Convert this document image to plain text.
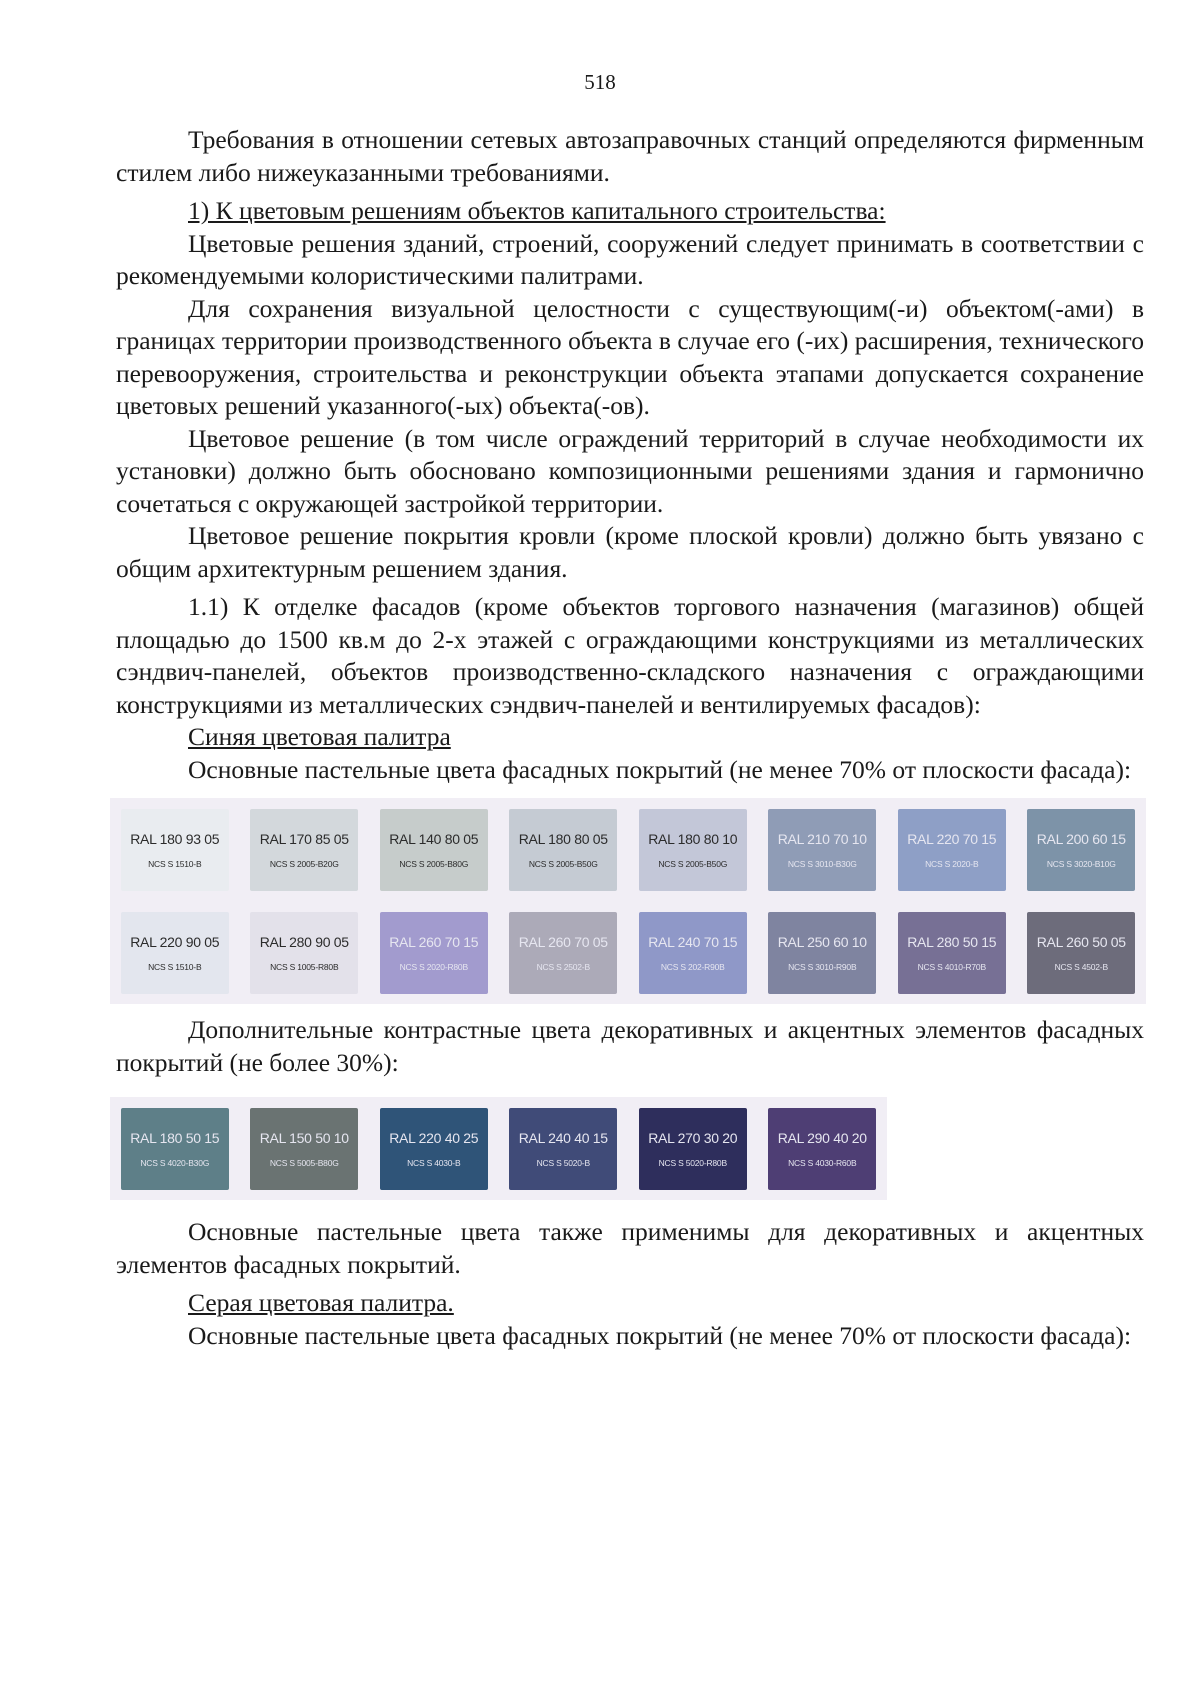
518

Требования в отношении сетевых автозаправочных станций определяются фирменным стилем либо нижеуказанными требованиями.

1) К цветовым решениям объектов капитального строительства:

Цветовые решения зданий, строений, сооружений следует принимать в соответствии с рекомендуемыми колористическими палитрами.

Для сохранения визуальной целостности с существующим(-и) объектом(-ами) в границах территории производственного объекта в случае его (-их) расширения, технического перевооружения, строительства и реконструкции объекта этапами допускается сохранение цветовых решений указанного(-ых) объекта(-ов).

Цветовое решение (в том числе ограждений территорий в случае необходимости их установки) должно быть обосновано композиционными решениями здания и гармонично сочетаться с окружающей застройкой территории.

Цветовое решение покрытия кровли (кроме плоской кровли) должно быть увязано с общим архитектурным решением здания.

1.1) К отделке фасадов (кроме объектов торгового назначения (магазинов) общей площадью до 1500 кв.м до 2-х этажей с ограждающими конструкциями из металлических сэндвич-панелей, объектов производственно-складского назначения с ограждающими конструкциями из металлических сэндвич-панелей и вентилируемых фасадов):

Синяя цветовая палитра

Основные пастельные цвета фасадных покрытий (не менее 70% от плоскости фасада):

RAL 180 93 05
NCS S 1510-B
RAL 170 85 05
NCS S 2005-B20G
RAL 140 80 05
NCS S 2005-B80G
RAL 180 80 05
NCS S 2005-B50G
RAL 180 80 10
NCS S 2005-B50G
RAL 210 70 10
NCS S 3010-B30G
RAL 220 70 15
NCS S 2020-B
RAL 200 60 15
NCS S 3020-B10G
RAL 220 90 05
NCS S 1510-B
RAL 280 90 05
NCS S 1005-R80B
RAL 260 70 15
NCS S 2020-R80B
RAL 260 70 05
NCS S 2502-B
RAL 240 70 15
NCS S 202-R90B
RAL 250 60 10
NCS S 3010-R90B
RAL 280 50 15
NCS S 4010-R70B
RAL 260 50 05
NCS S 4502-B

Дополнительные контрастные цвета декоративных и акцентных элементов фасадных покрытий (не более 30%):

RAL 180 50 15
NCS S 4020-B30G
RAL 150 50 10
NCS S 5005-B80G
RAL 220 40 25
NCS S 4030-B
RAL 240 40 15
NCS S 5020-B
RAL 270 30 20
NCS S 5020-R80B
RAL 290 40 20
NCS S 4030-R60B

Основные пастельные цвета также применимы для декоративных и акцентных элементов фасадных покрытий.

Серая цветовая палитра.

Основные пастельные цвета фасадных покрытий (не менее 70% от плоскости фасада):
